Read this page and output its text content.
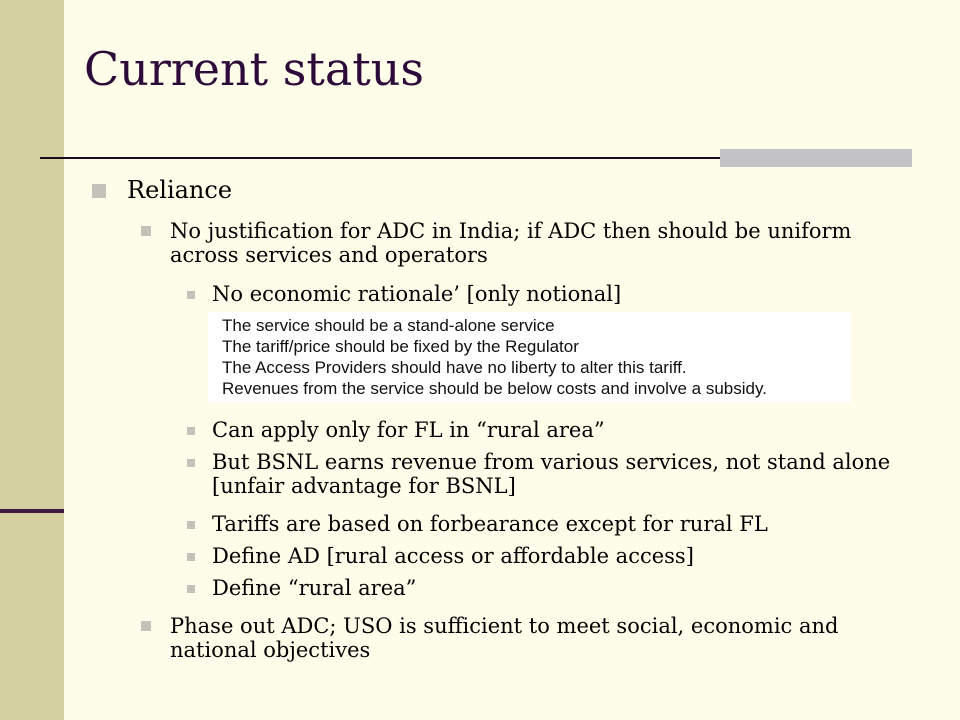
Current status
Reliance
No justification for ADC in India; if ADC then should be uniform across services and operators
No economic rationale’ [only notional]
The service should be a stand-alone service
The tariff/price should be fixed by the Regulator
The Access Providers should have no liberty to alter this tariff.
Revenues from the service should be below costs and involve a subsidy.
Can apply only for FL in “rural area”
But BSNL earns revenue from various services, not stand alone [unfair advantage for BSNL]
Tariffs are based on forbearance except for rural FL
Define AD [rural access or affordable access]
Define “rural area”
Phase out ADC; USO is sufficient to meet social, economic and national objectives
